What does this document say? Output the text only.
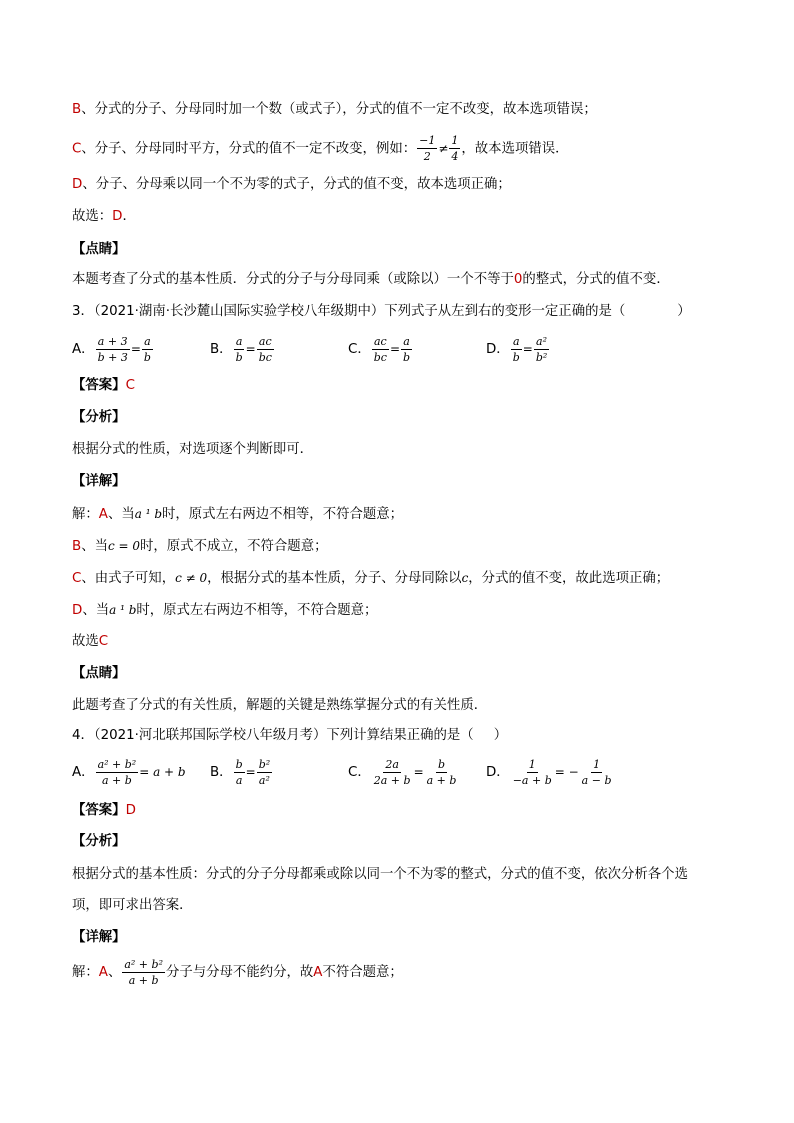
B、分式的分子、分母同时加一个数（或式子），分式的值不一定不改变，故本选项错误；
C、分子、分母同时平方，分式的值不一定不改变，例如： $\frac{-1}{2} \ne \frac{1}{4}$ ，故本选项错误．
D、分子、分母乘以同一个不为零的式子，分式的值不变，故本选项正确；
故选：D．
【点睛】
本题考查了分式的基本性质．分式的分子与分母同乘（或除以）一个不等于0的整式，分式的值不变．
3．（2021·湖南·长沙麓山国际实验学校八年级期中）下列式子从左到右的变形一定正确的是（	）
A． $\frac{a + 3}{b + 3} = \frac{a}{b}$	B． $\frac{a}{b} = \frac{ac}{bc}$	C． $\frac{ac}{bc} = \frac{a}{b}$	D． $\frac{a}{b} = \frac{\text{a²}}{\text{b²}}$
【答案】C
【分析】
根据分式的性质，对选项逐个判断即可．
【详解】
解：A、当a ¹ b时，原式左右两边不相等，不符合题意；
B、当c = 0时，原式不成立，不符合题意；
C、由式子可知，c ≠ 0，根据分式的基本性质，分子、分母同除以c，分式的值不变，故此选项正确；
D、当a ¹ b时，原式左右两边不相等，不符合题意；
故选C
【点睛】
此题考查了分式的有关性质，解题的关键是熟练掌握分式的有关性质．
4．（2021·河北联邦国际学校八年级月考）下列计算结果正确的是（ ）
A． $\frac{\text{a² + b²}}{a + b} = a + b$ B． $\frac{b}{a} = \frac{\text{b²}}{\text{a²}}$	C． $\frac{2a}{2a + b} = \frac{b}{a + b}$ D． $\frac{1}{-a + b}$ = − $\frac{1}{a - b}$
【答案】D
【分析】
根据分式的基本性质：分式的分子分母都乘或除以同一个不为零的整式，分式的值不变，依次分析各个选
项，即可求出答案．
【详解】
解：A、 $\frac{\text{a² + b²}}{a + b}$ 分子与分母不能约分，故A不符合题意；
